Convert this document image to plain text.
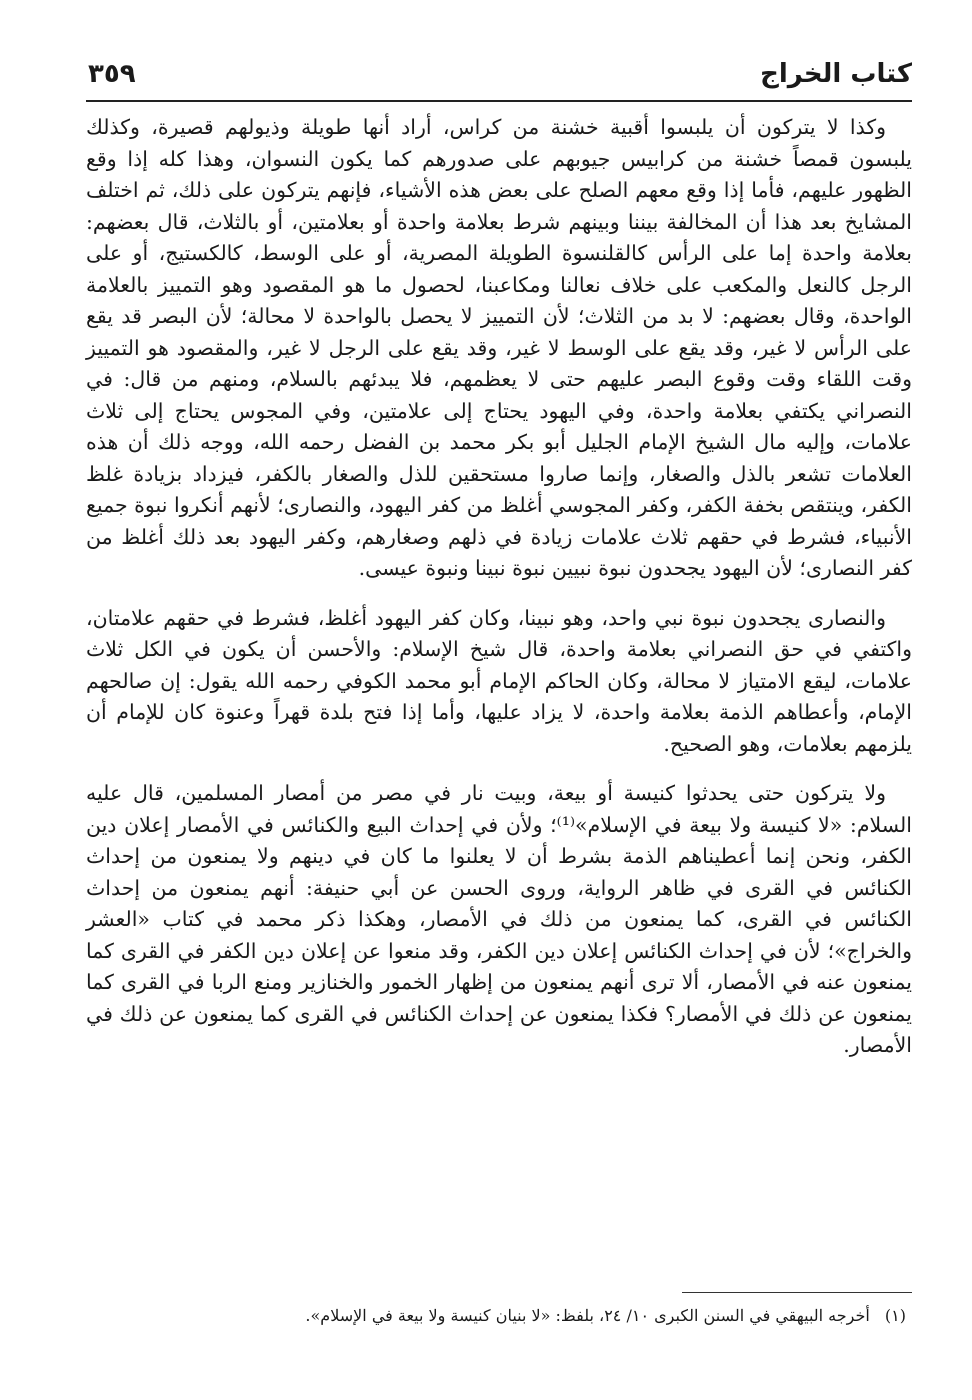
٣٥٩	كتاب الخراج

وكذا لا يتركون أن يلبسوا أقبية خشنة من كراس، أراد أنها طويلة وذيولهم قصيرة، وكذلك يلبسون قمصاً خشنة من كرابيس جيوبهم على صدورهم كما يكون النسوان، وهذا كله إذا وقع الظهور عليهم، فأما إذا وقع معهم الصلح على بعض هذه الأشياء، فإنهم يتركون على ذلك، ثم اختلف المشايخ بعد هذا أن المخالفة بيننا وبينهم شرط بعلامة واحدة أو بعلامتين، أو بالثلاث، قال بعضهم: بعلامة واحدة إما على الرأس كالقلنسوة الطويلة المصرية، أو على الوسط، كالكستيج، أو على الرجل كالنعل والمكعب على خلاف نعالنا ومكاعبنا، لحصول ما هو المقصود وهو التمييز بالعلامة الواحدة، وقال بعضهم: لا بد من الثلاث؛ لأن التمييز لا يحصل بالواحدة لا محالة؛ لأن البصر قد يقع على الرأس لا غير، وقد يقع على الوسط لا غير، وقد يقع على الرجل لا غير، والمقصود هو التمييز وقت اللقاء وقت وقوع البصر عليهم حتى لا يعظمهم، فلا يبدئهم بالسلام، ومنهم من قال: في النصراني يكتفي بعلامة واحدة، وفي اليهود يحتاج إلى علامتين، وفي المجوس يحتاج إلى ثلاث علامات، وإليه مال الشيخ الإمام الجليل أبو بكر محمد بن الفضل رحمه الله، ووجه ذلك أن هذه العلامات تشعر بالذل والصغار، وإنما صاروا مستحقين للذل والصغار بالكفر، فيزداد بزيادة غلظ الكفر، وينتقص بخفة الكفر، وكفر المجوسي أغلظ من كفر اليهود، والنصارى؛ لأنهم أنكروا نبوة جميع الأنبياء، فشرط في حقهم ثلاث علامات زيادة في ذلهم وصغارهم، وكفر اليهود بعد ذلك أغلظ من كفر النصارى؛ لأن اليهود يجحدون نبوة نبيين نبوة نبينا ونبوة عيسى.

والنصارى يجحدون نبوة نبي واحد، وهو نبينا، وكان كفر اليهود أغلظ، فشرط في حقهم علامتان، واكتفي في حق النصراني بعلامة واحدة، قال شيخ الإسلام: والأحسن أن يكون في الكل ثلاث علامات، ليقع الامتياز لا محالة، وكان الحاكم الإمام أبو محمد الكوفي رحمه الله يقول: إن صالحهم الإمام، وأعطاهم الذمة بعلامة واحدة، لا يزاد عليها، وأما إذا فتح بلدة قهراً وعنوة كان للإمام أن يلزمهم بعلامات، وهو الصحيح.

ولا يتركون حتى يحدثوا كنيسة أو بيعة، وبيت نار في مصر من أمصار المسلمين، قال عليه السلام: «لا كنيسة ولا بيعة في الإسلام»⁽¹⁾؛ ولأن في إحداث البيع والكنائس في الأمصار إعلان دين الكفر، ونحن إنما أعطيناهم الذمة بشرط أن لا يعلنوا ما كان في دينهم ولا يمنعون من إحداث الكنائس في القرى في ظاهر الرواية، وروى الحسن عن أبي حنيفة: أنهم يمنعون من إحداث الكنائس في القرى، كما يمنعون من ذلك في الأمصار، وهكذا ذكر محمد في كتاب «العشر والخراج»؛ لأن في إحداث الكنائس إعلان دين الكفر، وقد منعوا عن إعلان دين الكفر في القرى كما يمنعون عنه في الأمصار، ألا ترى أنهم يمنعون من إظهار الخمور والخنازير ومنع الربا في القرى كما يمنعون عن ذلك في الأمصار؟ فكذا يمنعون عن إحداث الكنائس في القرى كما يمنعون عن ذلك في الأمصار.

(١) أخرجه البيهقي في السنن الكبرى ١٠/ ٢٤، بلفظ: «لا بنيان كنيسة ولا بيعة في الإسلام».
